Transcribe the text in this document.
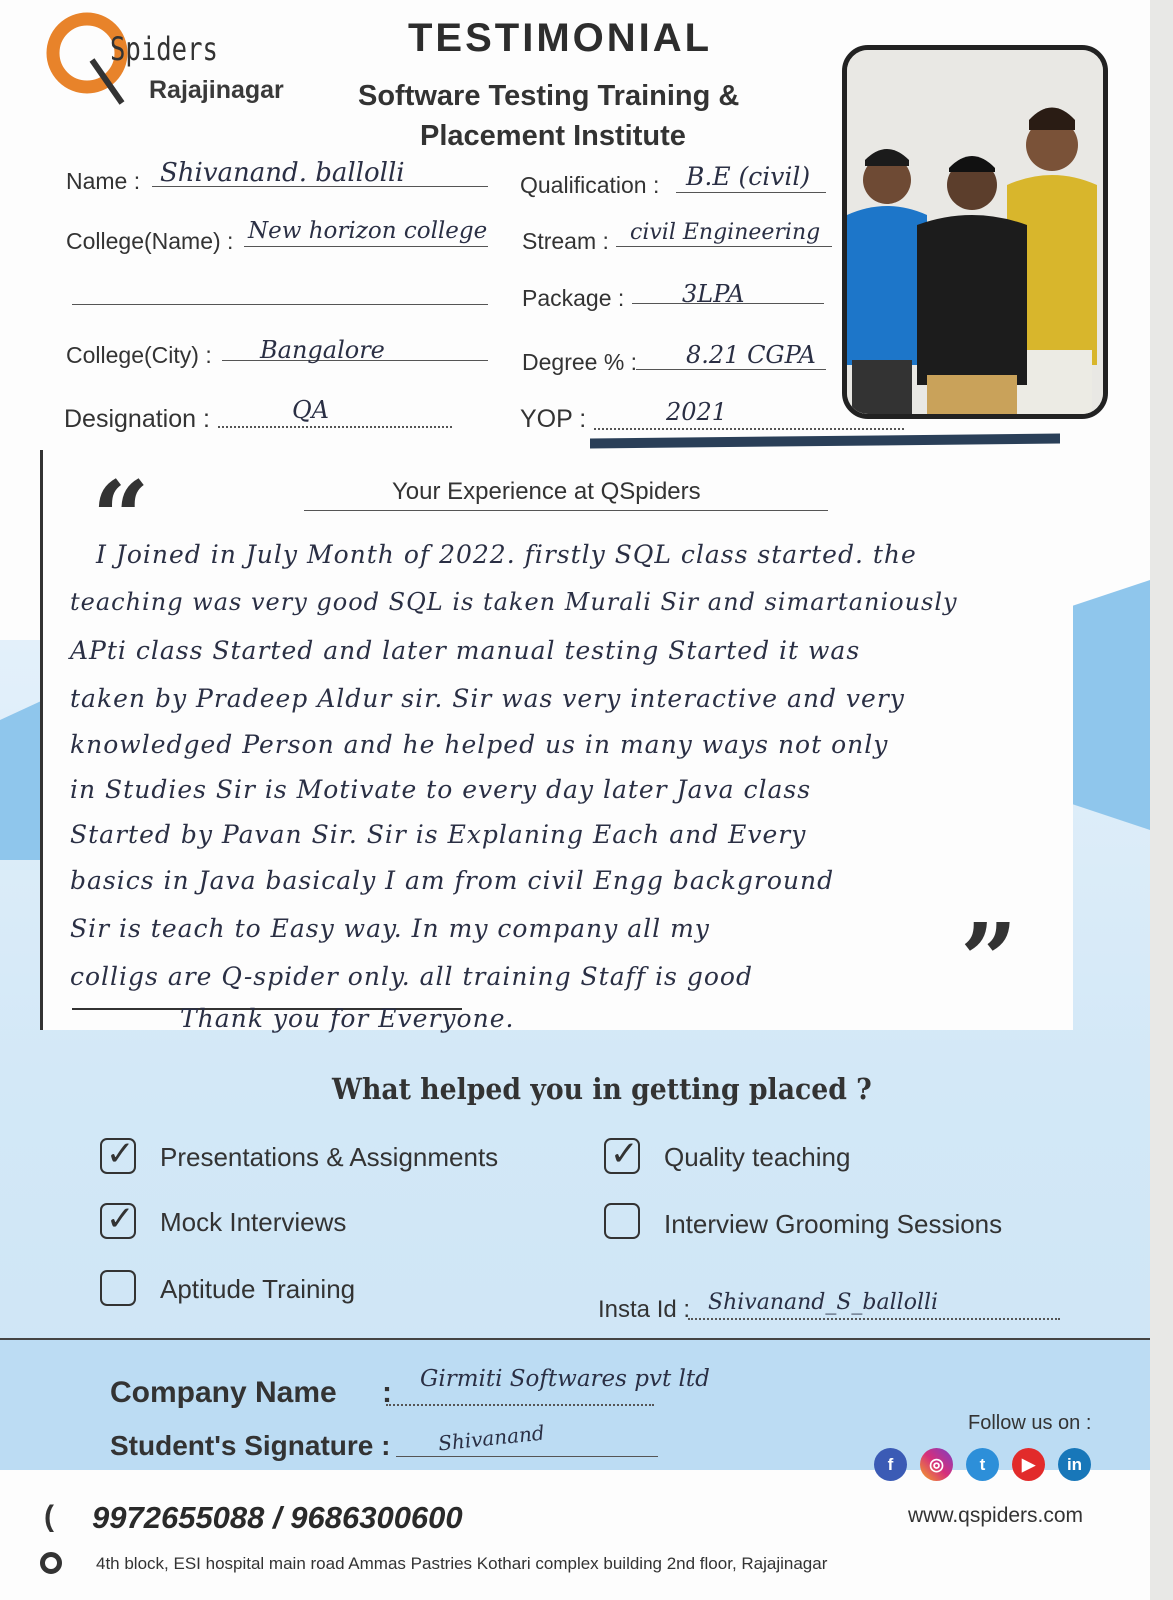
Spiders
Rajajinagar
TESTIMONIAL
Software Testing Training &
Placement Institute
Name : Shivanand. ballolli
College(Name) : New horizon college
College(City) : Bangalore
Designation :	QA
Qualification : B.E (civil)
Stream : civil Engineering
Package : 3LPA
Degree % : 8.21 CGPA
YOP :	2021
Your Experience at QSpiders
“
”
I Joined in July Month of 2022. firstly SQL class started. the
teaching was very good SQL is taken Murali Sir and simartaniously
APti class Started and later manual testing Started it was
taken by Pradeep Aldur sir. Sir was very interactive and very
knowledged Person and he helped us in many ways not only
in Studies Sir is Motivate to every day later Java class
Started by Pavan Sir. Sir is Explaning Each and Every
basics in Java basicaly I am from civil Engg background
Sir is teach to Easy way. In my company all my
colligs are Q-spider only. all training Staff is good
Thank you for Everyone.
What helped you in getting placed ?
✓ Presentations & Assignments	✓ Quality teaching
✓ Mock Interviews	Interview Grooming Sessions
Aptitude Training
Insta Id : Shivanand_S_ballolli
Company Name : Girmiti Softwares pvt ltd
Student's Signature : Shivanand	Follow us on :
f	◎	t	▶	in
( 9972655088 / 9686300600	www.qspiders.com
4th block, ESI hospital main road Ammas Pastries Kothari complex building 2nd floor, Rajajinagar
